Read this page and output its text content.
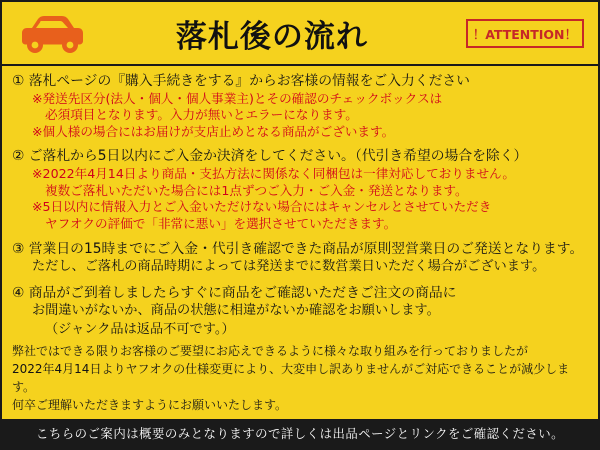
落札後の流れ	！ATTENTION！
① 落札ページの『購入手続きをする』からお客様の情報をご入力ください
※発送先区分(法人・個人・個人事業主)とその確認のチェックボックスは
必須項目となります。入力が無いとエラーになります。
※個人様の場合にはお届けが支店止めとなる商品がございます。
② ご落札から5日以内にご入金か決済をしてください。（代引き希望の場合を除く）
※2022年4月14日より商品・支払方法に関係なく同梱包は一律対応しておりません。
複数ご落札いただいた場合には1点ずつご入力・ご入金・発送となります。
※5日以内に情報入力とご入金いただけない場合にはキャンセルとさせていただき
ヤフオクの評価で「非常に悪い」を選択させていただきます。
③ 営業日の15時までにご入金・代引き確認できた商品が原則翌営業日のご発送となります。
ただし、ご落札の商品時期によっては発送までに数営業日いただく場合がございます。
④ 商品がご到着しましたらすぐに商品をご確認いただきご注文の商品に
お間違いがないか、商品の状態に相違がないか確認をお願いします。
（ジャンク品は返品不可です。）
弊社ではできる限りお客様のご要望にお応えできるように様々な取り組みを行っておりましたが
2022年4月14日よりヤフオクの仕様変更により、大変申し訳ありませんがご対応できることが減少します。
何卒ご理解いただきますようにお願いいたします。
こちらのご案内は概要のみとなりますので詳しくは出品ページとリンクをご確認ください。
